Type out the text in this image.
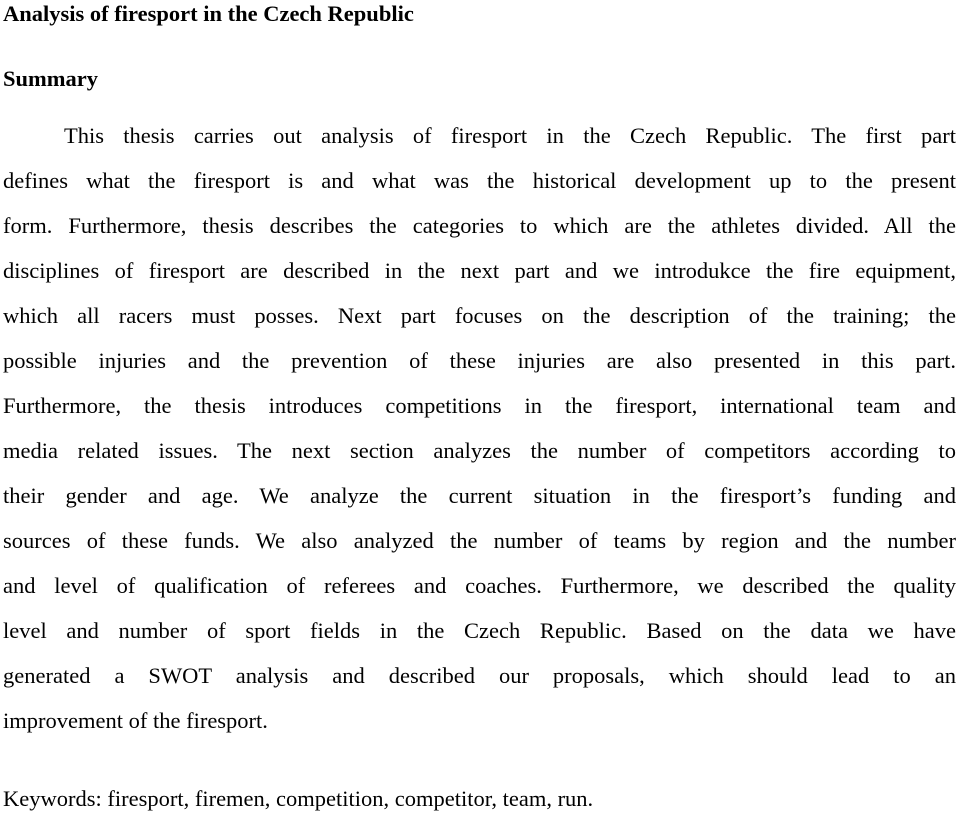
Analysis of firesport in the Czech Republic
Summary
This thesis carries out analysis of firesport in the Czech Republic. The first part
defines what the firesport is and what was the historical development up to the present
form. Furthermore, thesis describes the categories to which are the athletes divided. All the
disciplines of firesport are described in the next part and we introdukce the fire equipment,
which all racers must posses. Next part focuses on the description of the training; the
possible injuries and the prevention of these injuries are also presented in this part.
Furthermore, the thesis introduces competitions in the firesport, international team and
media related issues. The next section analyzes the number of competitors according to
their gender and age. We analyze the current situation in the firesport’s funding and
sources of these funds. We also analyzed the number of teams by region and the number
and level of qualification of referees and coaches. Furthermore, we described the quality
level and number of sport fields in the Czech Republic. Based on the data we have
generated a SWOT analysis and described our proposals, which should lead to an
improvement of the firesport.

Keywords: firesport, firemen, competition, competitor, team, run.
